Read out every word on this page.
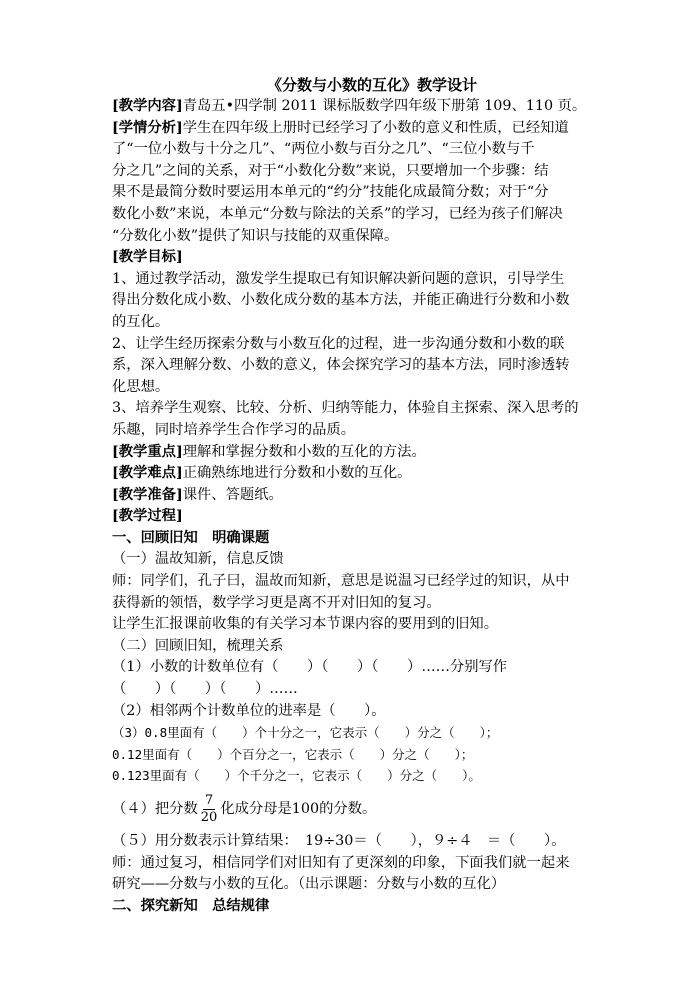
《分数与小数的互化》教学设计
[教学内容]青岛五•四学制 2011 课标版数学四年级下册第 109、110 页。
[学情分析]学生在四年级上册时已经学习了小数的意义和性质，已经知道
了“一位小数与十分之几”、“两位小数与百分之几”、“三位小数与千
分之几”之间的关系，对于“小数化分数”来说，只要增加一个步骤：结
果不是最简分数时要运用本单元的“约分”技能化成最简分数；对于“分
数化小数”来说，本单元“分数与除法的关系”的学习，已经为孩子们解决
“分数化小数”提供了知识与技能的双重保障。
[教学目标]
1、通过教学活动，激发学生提取已有知识解决新问题的意识，引导学生
得出分数化成小数、小数化成分数的基本方法，并能正确进行分数和小数
的互化。
2、让学生经历探索分数与小数互化的过程，进一步沟通分数和小数的联
系，深入理解分数、小数的意义，体会探究学习的基本方法，同时渗透转
化思想。
3、培养学生观察、比较、分析、归纳等能力，体验自主探索、深入思考的
乐趣，同时培养学生合作学习的品质。
[教学重点]理解和掌握分数和小数的互化的方法。
[教学难点]正确熟练地进行分数和小数的互化。
[教学准备]课件、答题纸。
[教学过程]
一、回顾旧知　明确课题
（一）温故知新，信息反馈
师：同学们，孔子曰，温故而知新，意思是说温习已经学过的知识，从中
获得新的领悟，数学学习更是离不开对旧知的复习。
让学生汇报课前收集的有关学习本节课内容的要用到的旧知。
（二）回顾旧知，梳理关系
（1）小数的计数单位有（　　）（　　）（　　）……分别写作
（　　）（　　）（　　）……
（2）相邻两个计数单位的进率是（　　）。
（3）0.8里面有（　　）个十分之一，它表示（　　）分之（　　）；
0.12里面有（　　）个百分之一，它表示（　　）分之（　　）；
0.123里面有（　　）个千分之一，它表示（　　）分之（　　）。
（４）把分数 $\frac{7}{20}$ 化成分母是100的分数。
（５）用分数表示计算结果：　19÷30＝（　　），９÷４　＝（　　）。
师：通过复习，相信同学们对旧知有了更深刻的印象，下面我们就一起来
研究——分数与小数的互化。（出示课题：分数与小数的互化）
二、探究新知　总结规律
